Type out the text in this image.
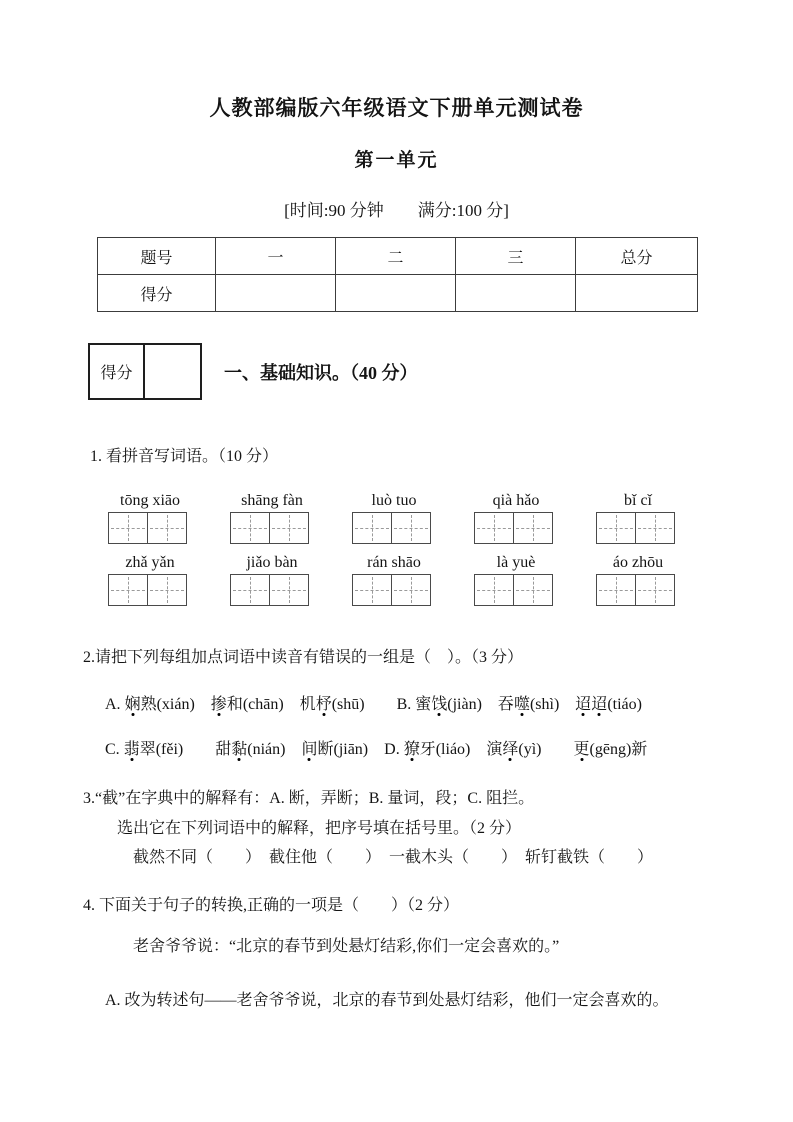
人教部编版六年级语文下册单元测试卷
第一单元
[时间:90 分钟　　满分:100 分]
题号	一	二	三	总分
得分				
得分	一、基础知识。（40 分）
1. 看拼音写词语。（10 分）
tōng xiāo	shāng fàn	luò tuo	qià hǎo	bǐ cǐ
zhǎ yǎn	jiǎo bàn	rán shāo	là yuè	áo zhōu
2.请把下列每组加点词语中读音有错误的一组是（　）。（3 分）
A. 娴熟(xián)　掺和(chān)　机杼(shū)　　B. 蜜饯(jiàn)　吞噬(shì)　迢迢(tiáo)
C. 翡翠(fěi)　　甜黏(nián)　间断(jiān)　D. 獠牙(liáo)　演绎(yì)　　更(gēng)新
3.“截”在字典中的解释有：A. 断，弄断；B. 量词，段；C. 阻拦。
选出它在下列词语中的解释，把序号填在括号里。（2 分）
截然不同（　　）　截住他（　　）　一截木头（　　）　斩钉截铁（　　）
4. 下面关于句子的转换,正确的一项是（　　）（2 分）
老舍爷爷说：“北京的春节到处悬灯结彩,你们一定会喜欢的。”
A. 改为转述句——老舍爷爷说，北京的春节到处悬灯结彩，他们一定会喜欢的。
